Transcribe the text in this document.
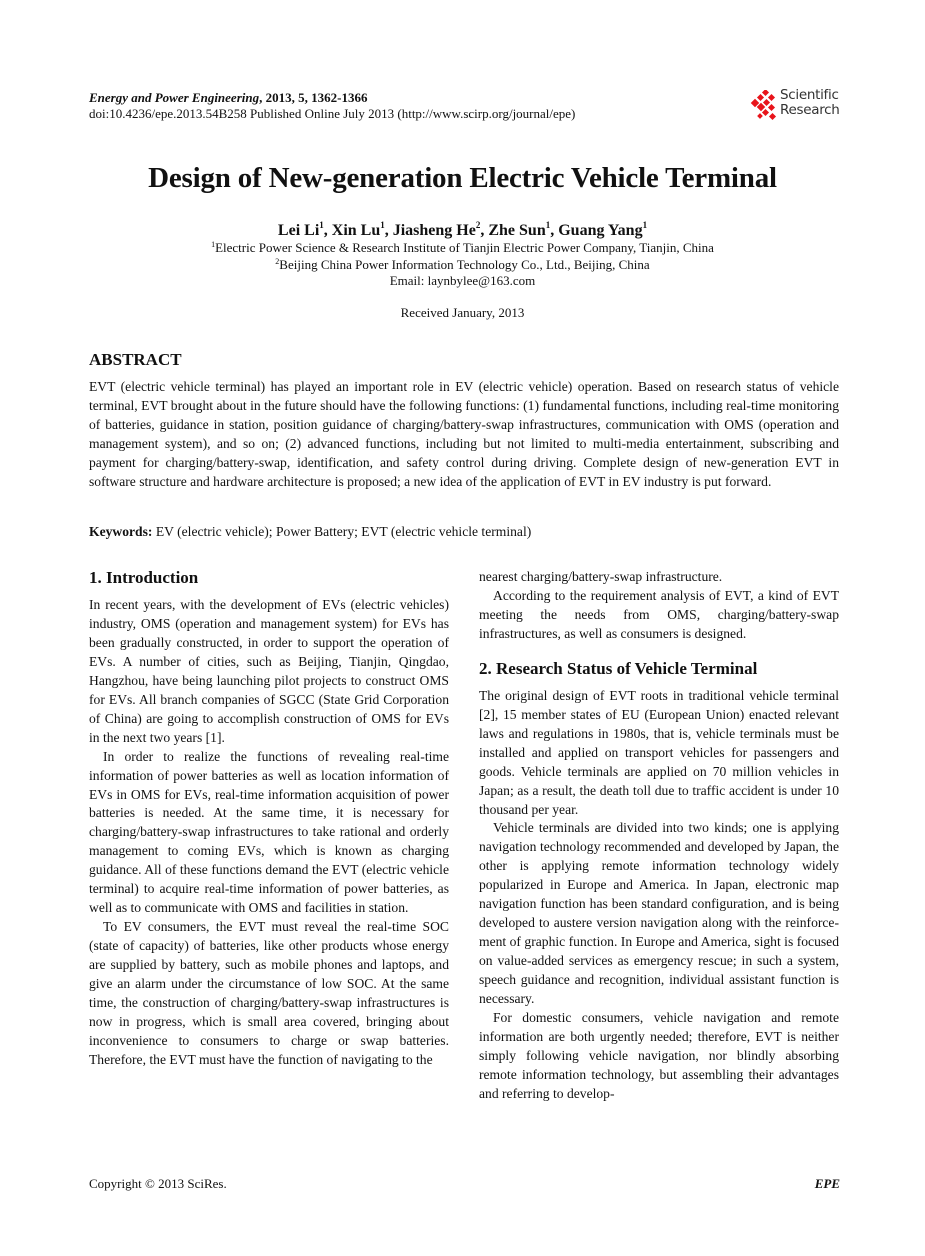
Energy and Power Engineering, 2013, 5, 1362-1366
doi:10.4236/epe.2013.54B258 Published Online July 2013 (http://www.scirp.org/journal/epe)
Scientific
Research
Design of New-generation Electric Vehicle Terminal
Lei Li$^1$, Xin Lu$^1$, Jiasheng He$^2$, Zhe Sun$^1$, Guang Yang$^1$
$^1$Electric Power Science & Research Institute of Tianjin Electric Power Company, Tianjin, China
$^2$Beijing China Power Information Technology Co., Ltd., Beijing, China
Email: laynbylee@163.com
Received January, 2013
ABSTRACT
EVT (electric vehicle terminal) has played an important role in EV (electric vehicle) operation. Based on research status of vehicle terminal, EVT brought about in the future should have the following functions: (1) fundamental functions, including real-time monitoring of batteries, guidance in station, position guidance of charging/battery-swap infrastructures, communication with OMS (operation and management system), and so on; (2) advanced functions, including but not limited to multi-media entertainment, subscribing and payment for charging/battery-swap, identification, and safety control during driving. Complete design of new-generation EVT in software structure and hardware architecture is proposed; a new idea of the application of EVT in EV industry is put forward.
Keywords: EV (electric vehicle); Power Battery; EVT (electric vehicle terminal)
1. Introduction

In recent years, with the development of EVs (electric vehicles) industry, OMS (operation and management system) for EVs has been gradually constructed, in order to support the operation of EVs. A number of cities, such as Beijing, Tianjin, Qingdao, Hangzhou, have being launching pilot projects to construct OMS for EVs. All branch companies of SGCC (State Grid Corporation of China) are going to accomplish construction of OMS for EVs in the next two years [1].

In order to realize the functions of revealing real-time information of power batteries as well as location information of EVs in OMS for EVs, real-time information acquisition of power batteries is needed. At the same time, it is necessary for charging/battery-swap infrastructures to take rational and orderly management to coming EVs, which is known as charging guidance. All of these functions demand the EVT (electric vehicle terminal) to acquire real-time information of power batteries, as well as to communicate with OMS and facilities in station.

To EV consumers, the EVT must reveal the real-time SOC (state of capacity) of batteries, like other products whose energy are supplied by battery, such as mobile phones and laptops, and give an alarm under the circumstance of low SOC. At the same time, the construction of charging/battery-swap infrastructures is now in progress, which is small area covered, bringing about inconvenience to consumers to charge or swap batteries. Therefore, the EVT must have the function of navigating to the

nearest charging/battery-swap infrastructure.

According to the requirement analysis of EVT, a kind of EVT meeting the needs from OMS, charging/battery-swap infrastructures, as well as consumers is designed.

2. Research Status of Vehicle Terminal

The original design of EVT roots in traditional vehicle terminal [2], 15 member states of EU (European Union) enacted relevant laws and regulations in 1980s, that is, vehicle terminals must be installed and applied on transport vehicles for passengers and goods. Vehicle terminals are applied on 70 million vehicles in Japan; as a result, the death toll due to traffic accident is under 10 thousand per year.

Vehicle terminals are divided into two kinds; one is applying navigation technology recommended and developed by Japan, the other is applying remote information technology widely popularized in Europe and America. In Japan, electronic map navigation function has been standard configuration, and is being developed to austere version navigation along with the reinforcement of graphic function. In Europe and America, sight is focused on value-added services as emergency rescue; in such a system, speech guidance and recognition, individual assistant function is necessary.

For domestic consumers, vehicle navigation and remote information are both urgently needed; therefore, EVT is neither simply following vehicle navigation, nor blindly absorbing remote information technology, but assembling their advantages and referring to develop-

Copyright © 2013 SciRes.	EPE
